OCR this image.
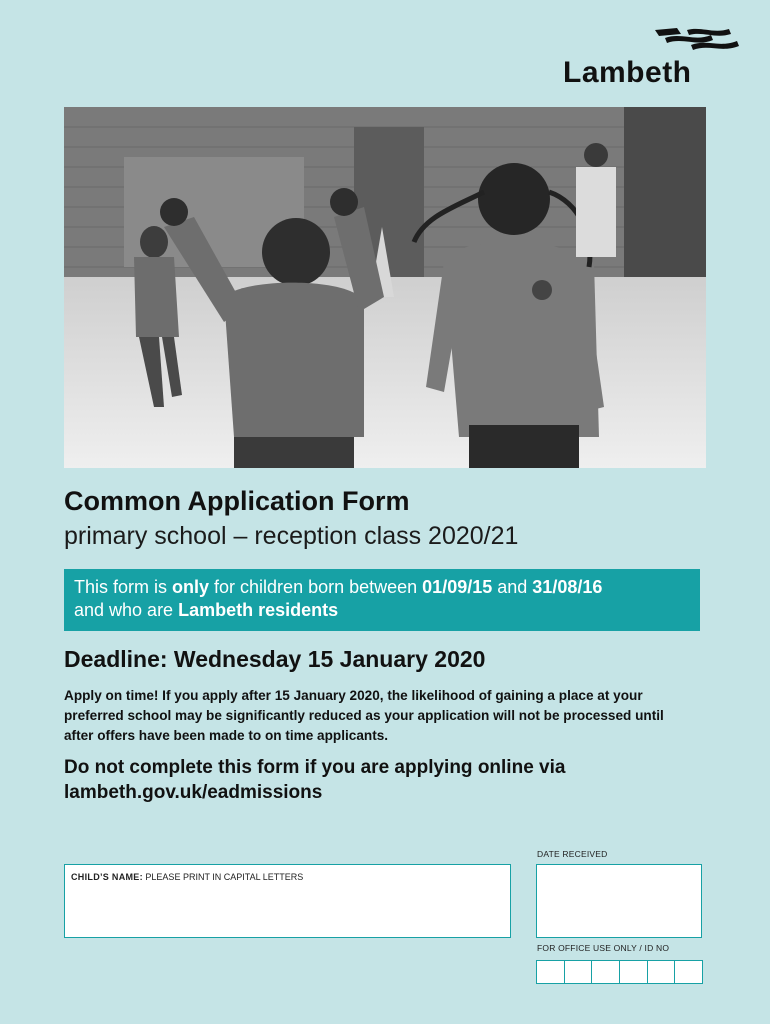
Lambeth
Common Application Form
primary school – reception class 2020/21
This form is only for children born between 01/09/15 and 31/08/16
and who are Lambeth residents
Deadline: Wednesday 15 January 2020
Apply on time! If you apply after 15 January 2020, the likelihood of gaining a place at your preferred school may be significantly reduced as your application will not be processed until after offers have been made to on time applicants.
Do not complete this form if you are applying online via lambeth.gov.uk/eadmissions
CHILD’S NAME: PLEASE PRINT IN CAPITAL LETTERS
DATE RECEIVED
FOR OFFICE USE ONLY / ID NO
